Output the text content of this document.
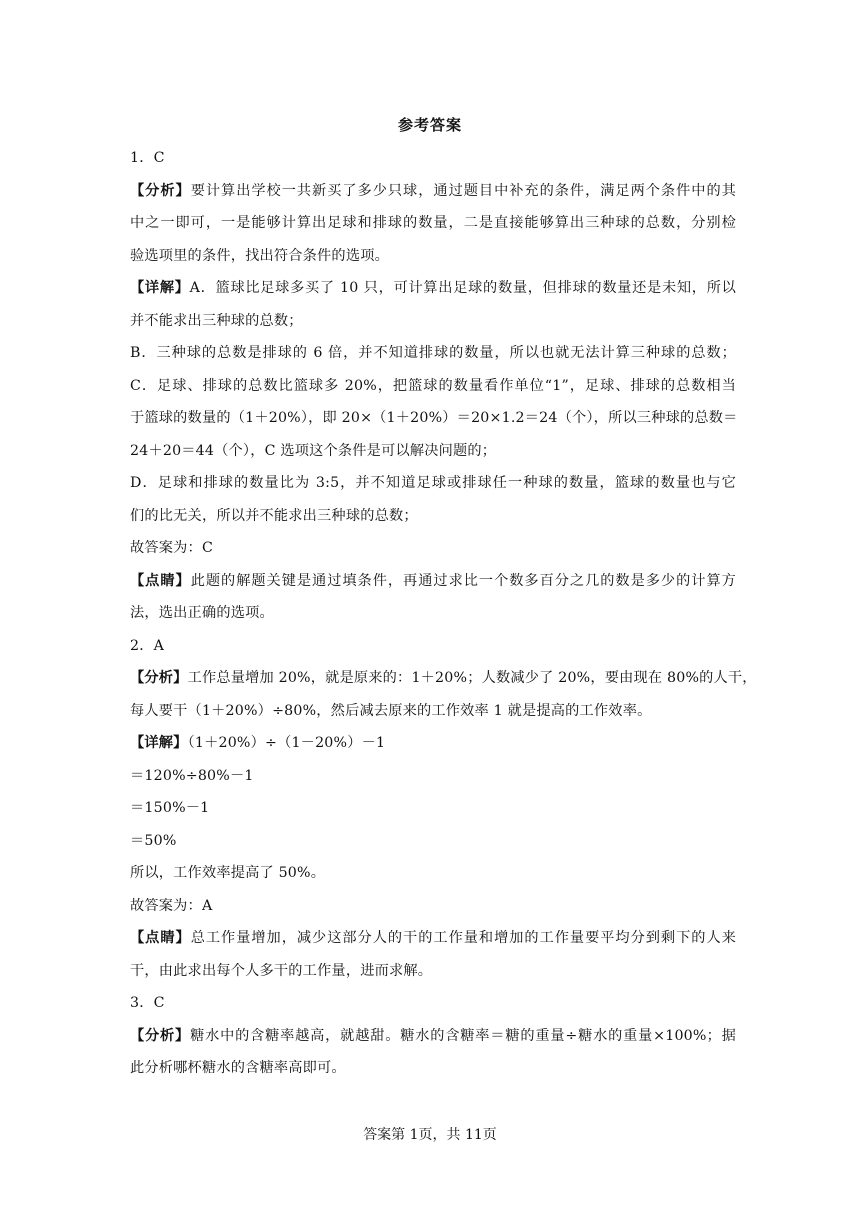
参考答案
1．C
【分析】要计算出学校一共新买了多少只球，通过题目中补充的条件，满足两个条件中的其
中之一即可，一是能够计算出足球和排球的数量，二是直接能够算出三种球的总数，分别检
验选项里的条件，找出符合条件的选项。
【详解】A．篮球比足球多买了 10 只，可计算出足球的数量，但排球的数量还是未知，所以
并不能求出三种球的总数；
B．三种球的总数是排球的 6 倍，并不知道排球的数量，所以也就无法计算三种球的总数；
C．足球、排球的总数比篮球多 20%，把篮球的数量看作单位“1”，足球、排球的总数相当
于篮球的数量的（1＋20%），即 20×（1＋20%）＝20×1.2＝24（个），所以三种球的总数＝
24＋20＝44（个），C 选项这个条件是可以解决问题的；
D．足球和排球的数量比为 3:5，并不知道足球或排球任一种球的数量，篮球的数量也与它
们的比无关，所以并不能求出三种球的总数；
故答案为：C
【点睛】此题的解题关键是通过填条件，再通过求比一个数多百分之几的数是多少的计算方
法，选出正确的选项。
2．A
【分析】工作总量增加 20%，就是原来的：1＋20%；人数减少了 20%，要由现在 80%的人干，
每人要干（1＋20%）÷80%，然后减去原来的工作效率 1 就是提高的工作效率。
【详解】（1＋20%）÷（1－20%）－1
＝120%÷80%－1
＝150%－1
＝50%
所以，工作效率提高了 50%。
故答案为：A
【点睛】总工作量增加，减少这部分人的干的工作量和增加的工作量要平均分到剩下的人来
干，由此求出每个人多干的工作量，进而求解。
3．C
【分析】糖水中的含糖率越高，就越甜。糖水的含糖率＝糖的重量÷糖水的重量×100%；据
此分析哪杯糖水的含糖率高即可。
答案第 1页，共 11页
